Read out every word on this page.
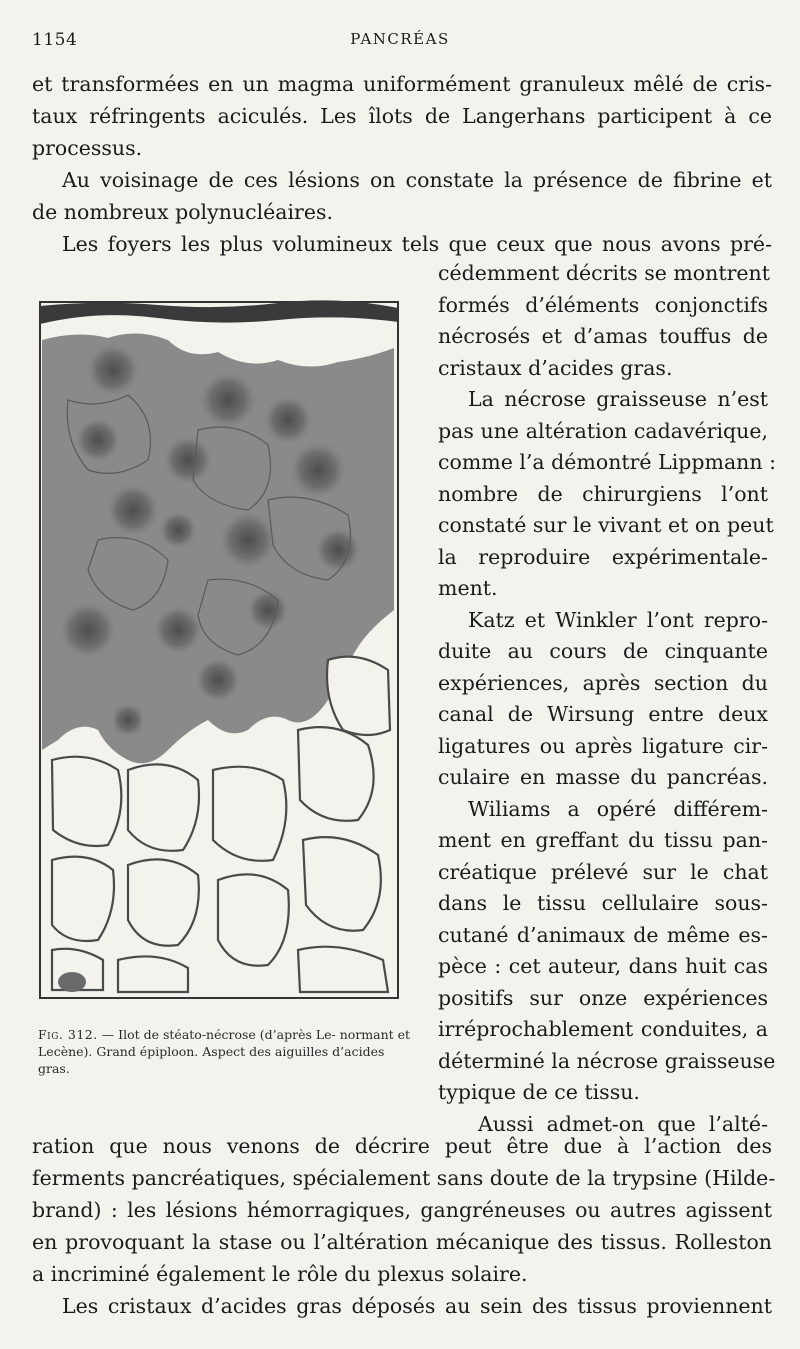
1154	PANCRÉAS
et transformées en un magma uniformément granuleux mêlé de cris-
taux réfringents aciculés. Les îlots de Langerhans participent à ce
processus.
Au voisinage de ces lésions on constate la présence de fibrine et
de nombreux polynucléaires.
Les foyers les plus volumineux tels que ceux que nous avons pré-
cédemment décrits se montrent
formés d’éléments conjonctifs
nécrosés et d’amas touffus de
cristaux d’acides gras.
La nécrose graisseuse n’est
pas une altération cadavérique,
comme l’a démontré Lippmann :
nombre de chirurgiens l’ont
constaté sur le vivant et on peut
la reproduire expérimentale-
ment.
Katz et Winkler l’ont repro-
duite au cours de cinquante
expériences, après section du
canal de Wirsung entre deux
ligatures ou après ligature cir-
culaire en masse du pancréas.
Wiliams a opéré différem-
ment en greffant du tissu pan-
créatique prélevé sur le chat
dans le tissu cellulaire sous-
cutané d’animaux de même es-
pèce : cet auteur, dans huit cas
positifs sur onze expériences
irréprochablement conduites, a
déterminé la nécrose graisseuse
typique de ce tissu.
Aussi admet-on que l’alté-
Fig. 312. — Ilot de stéato-nécrose (d’après Le- normant et Lecène). Grand épiploon. Aspect des aiguilles d’acides gras.
ration que nous venons de décrire peut être due à l’action des
ferments pancréatiques, spécialement sans doute de la trypsine (Hilde-
brand) : les lésions hémorragiques, gangréneuses ou autres agissent
en provoquant la stase ou l’altération mécanique des tissus. Rolleston
a incriminé également le rôle du plexus solaire.
Les cristaux d’acides gras déposés au sein des tissus proviennent
